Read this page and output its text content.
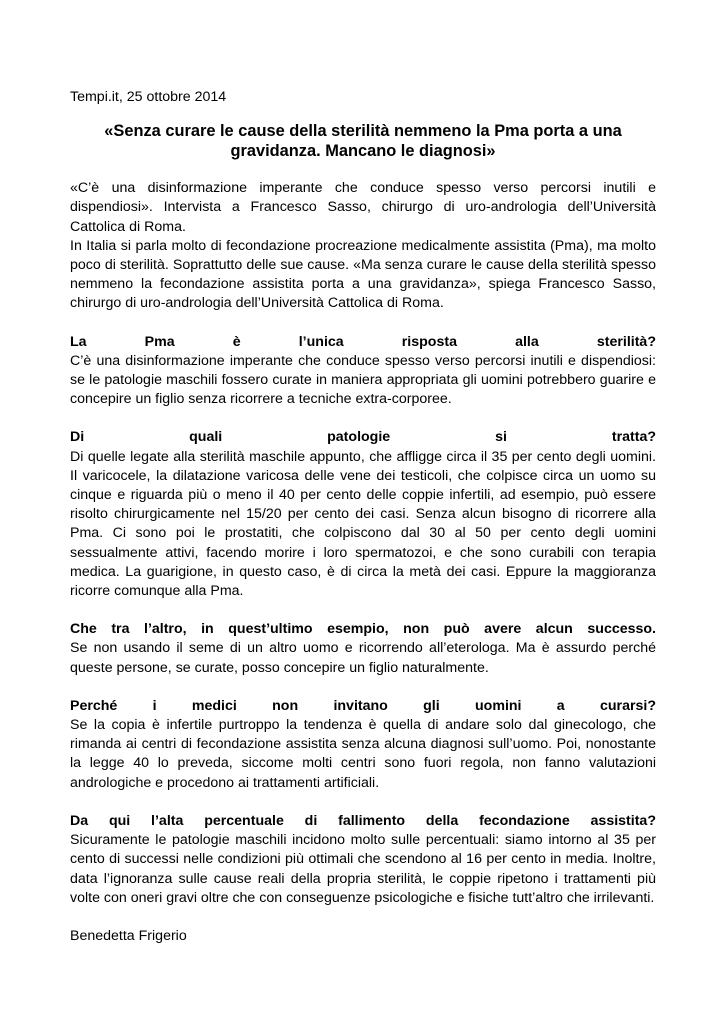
Tempi.it, 25 ottobre 2014
«Senza curare le cause della sterilità nemmeno la Pma porta a una gravidanza. Mancano le diagnosi»

«C’è una disinformazione imperante che conduce spesso verso percorsi inutili e dispendiosi». Intervista a Francesco Sasso, chirurgo di uro-andrologia dell’Università Cattolica di Roma.

In Italia si parla molto di fecondazione procreazione medicalmente assistita (Pma), ma molto poco di sterilità. Soprattutto delle sue cause. «Ma senza curare le cause della sterilità spesso nemmeno la fecondazione assistita porta a una gravidanza», spiega Francesco Sasso, chirurgo di uro-andrologia dell’Università Cattolica di Roma.

La Pma è l’unica risposta alla sterilità?

C’è una disinformazione imperante che conduce spesso verso percorsi inutili e dispendiosi: se le patologie maschili fossero curate in maniera appropriata gli uomini potrebbero guarire e concepire un figlio senza ricorrere a tecniche extra-corporee.

Di quali patologie si tratta?

Di quelle legate alla sterilità maschile appunto, che affligge circa il 35 per cento degli uomini. Il varicocele, la dilatazione varicosa delle vene dei testicoli, che colpisce circa un uomo su cinque e riguarda più o meno il 40 per cento delle coppie infertili, ad esempio, può essere risolto chirurgicamente nel 15/20 per cento dei casi. Senza alcun bisogno di ricorrere alla Pma. Ci sono poi le prostatiti, che colpiscono dal 30 al 50 per cento degli uomini sessualmente attivi, facendo morire i loro spermatozoi, e che sono curabili con terapia medica. La guarigione, in questo caso, è di circa la metà dei casi. Eppure la maggioranza ricorre comunque alla Pma.

Che tra l’altro, in quest’ultimo esempio, non può avere alcun successo.

Se non usando il seme di un altro uomo e ricorrendo all’eterologa. Ma è assurdo perché queste persone, se curate, posso concepire un figlio naturalmente.

Perché i medici non invitano gli uomini a curarsi?

Se la copia è infertile purtroppo la tendenza è quella di andare solo dal ginecologo, che rimanda ai centri di fecondazione assistita senza alcuna diagnosi sull’uomo. Poi, nonostante la legge 40 lo preveda, siccome molti centri sono fuori regola, non fanno valutazioni andrologiche e procedono ai trattamenti artificiali.

Da qui l’alta percentuale di fallimento della fecondazione assistita?

Sicuramente le patologie maschili incidono molto sulle percentuali: siamo intorno al 35 per cento di successi nelle condizioni più ottimali che scendono al 16 per cento in media. Inoltre, data l’ignoranza sulle cause reali della propria sterilità, le coppie ripetono i trattamenti più volte con oneri gravi oltre che con conseguenze psicologiche e fisiche tutt’altro che irrilevanti.

Benedetta Frigerio
